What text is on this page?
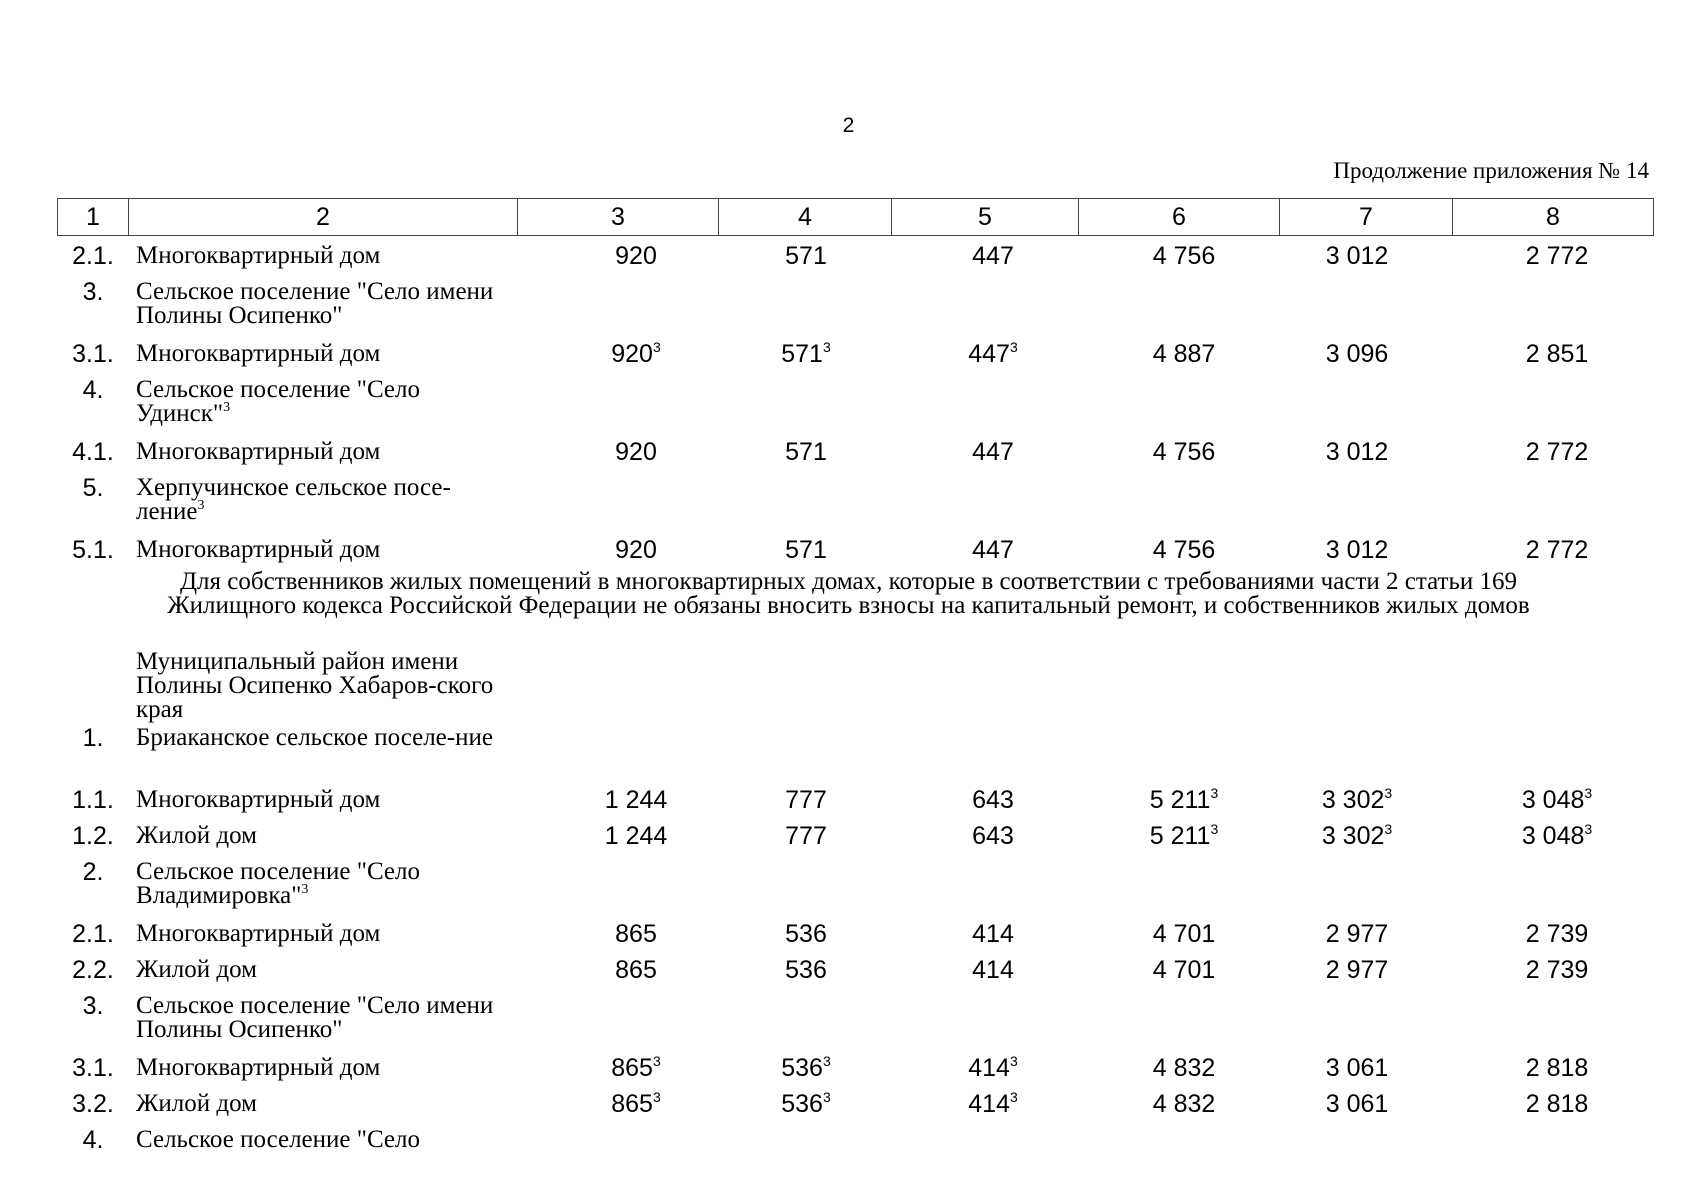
2
Продолжение приложения № 14
1	2	3	4	5	6	7	8
2.1. Многоквартирный дом	920	571	447	4 756	3 012	2 772
3.	Сельское поселение "Село имени Полины Осипенко"
3.1. Многоквартирный дом	$920^3$	$571^3$	$447^3$	4 887	3 096	2 851
4.	Сельское поселение "Село Удинск"$^3$
4.1. Многоквартирный дом	920	571	447	4 756	3 012	2 772
5.	Херпучинское сельское посе-ление$^3$
5.1. Многоквартирный дом	920	571	447	4 756	3 012	2 772
Для собственников жилых помещений в многоквартирных домах, которые в соответствии с требованиями части 2 статьи 169
Жилищного кодекса Российской Федерации не обязаны вносить взносы на капитальный ремонт, и собственников жилых домов
Муниципальный район имени Полины Осипенко Хабаров-ского края
1.	Бриаканское сельское поселе-ние
1.1. Многоквартирный дом	1 244	777	643	5 $211^3$	3 $302^3$	3 $048^3$
1.2. Жилой дом	1 244	777	643	5 $211^3$	3 $302^3$	3 $048^3$
2.	Сельское поселение "Село Владимировка"$^3$
2.1. Многоквартирный дом	865	536	414	4 701	2 977	2 739
2.2. Жилой дом	865	536	414	4 701	2 977	2 739
3.	Сельское поселение "Село имени Полины Осипенко"
3.1. Многоквартирный дом	$865^3$	$536^3$	$414^3$	4 832	3 061	2 818
3.2. Жилой дом	$865^3$	$536^3$	$414^3$	4 832	3 061	2 818
4.	Сельское поселение "Село
